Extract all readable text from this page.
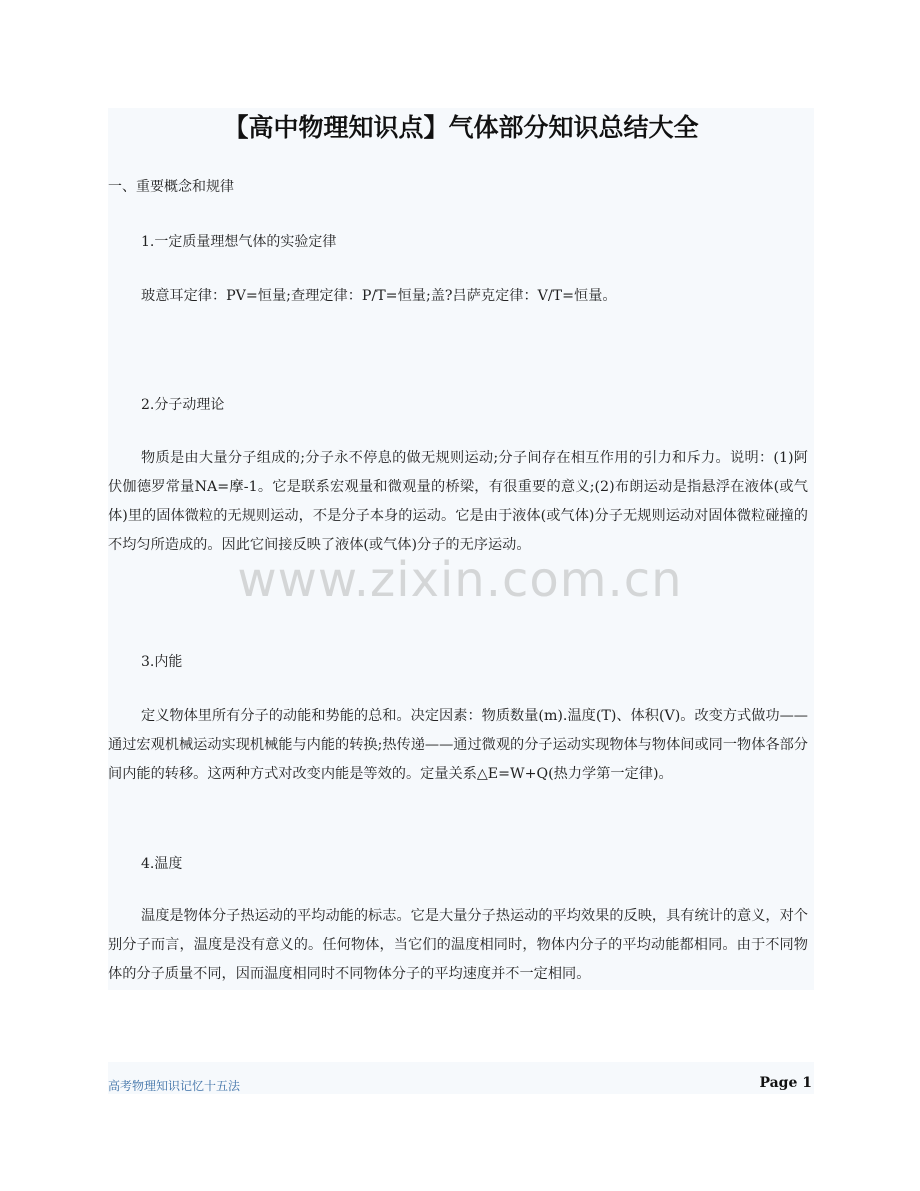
【高中物理知识点】气体部分知识总结大全
一、重要概念和规律
1.一定质量理想气体的实验定律
玻意耳定律：PV=恒量;查理定律：P/T=恒量;盖?吕萨克定律：V/T=恒量。
2.分子动理论
物质是由大量分子组成的;分子永不停息的做无规则运动;分子间存在相互作用的引力和斥力。说明：(1)阿伏伽德罗常量NA=摩-1。它是联系宏观量和微观量的桥梁，有很重要的意义;(2)布朗运动是指悬浮在液体(或气体)里的固体微粒的无规则运动，不是分子本身的运动。它是由于液体(或气体)分子无规则运动对固体微粒碰撞的不均匀所造成的。因此它间接反映了液体(或气体)分子的无序运动。
3.内能
定义物体里所有分子的动能和势能的总和。决定因素：物质数量(m).温度(T)、体积(V)。改变方式做功——通过宏观机械运动实现机械能与内能的转换;热传递——通过微观的分子运动实现物体与物体间或同一物体各部分间内能的转移。这两种方式对改变内能是等效的。定量关系△E=W+Q(热力学第一定律)。
4.温度
温度是物体分子热运动的平均动能的标志。它是大量分子热运动的平均效果的反映，具有统计的意义，对个别分子而言，温度是没有意义的。任何物体，当它们的温度相同时，物体内分子的平均动能都相同。由于不同物体的分子质量不同，因而温度相同时不同物体分子的平均速度并不一定相同。
www.zixin.com.cn
高考物理知识记忆十五法	Page 1
